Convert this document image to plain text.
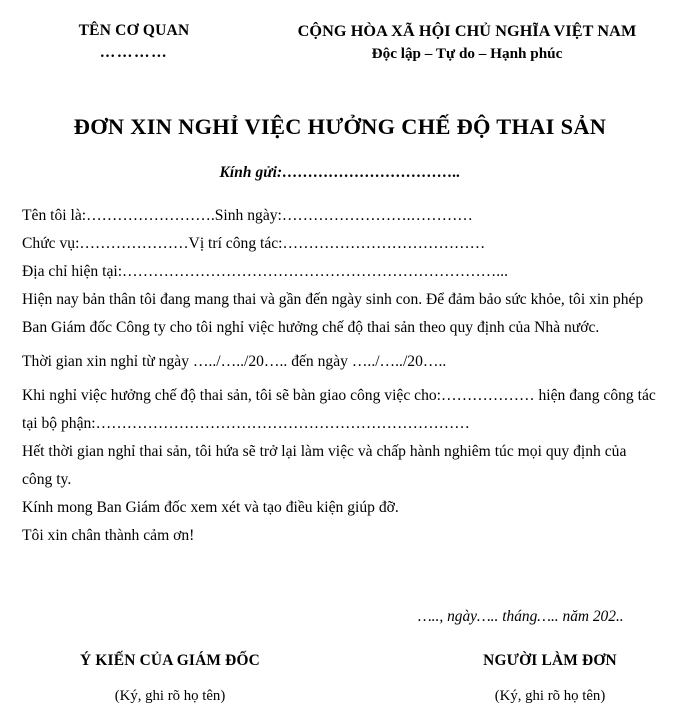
TÊN CƠ QUAN
…………
CỘNG HÒA XÃ HỘI CHỦ NGHĨA VIỆT NAM
Độc lập – Tự do – Hạnh phúc
ĐƠN XIN NGHỈ VIỆC HƯỞNG CHẾ ĐỘ THAI SẢN
Kính gửi:……………………………..
Tên tôi là:…………………….Sinh ngày:…………………….…………
Chức vụ:…………………Vị trí công tác:…………………………………
Địa chỉ hiện tại:………………………………………………………………...
Hiện nay bản thân tôi đang mang thai và gần đến ngày sinh con. Để đảm bảo sức khỏe, tôi xin phép Ban Giám đốc Công ty cho tôi nghỉ việc hưởng chế độ thai sản theo quy định của Nhà nước.
Thời gian xin nghỉ từ ngày …../…../20….. đến ngày …../…../20…..
Khi nghỉ việc hưởng chế độ thai sản, tôi sẽ bàn giao công việc cho:……………… hiện đang công tác tại bộ phận:………………………………………………………………
Hết thời gian nghỉ thai sản, tôi hứa sẽ trở lại làm việc và chấp hành nghiêm túc mọi quy định của công ty.
Kính mong Ban Giám đốc xem xét và tạo điều kiện giúp đỡ.
Tôi xin chân thành cảm ơn!
….., ngày….. tháng….. năm 202..
Ý KIẾN CỦA GIÁM ĐỐC
(Ký, ghi rõ họ tên)
NGƯỜI LÀM ĐƠN
(Ký, ghi rõ họ tên)
